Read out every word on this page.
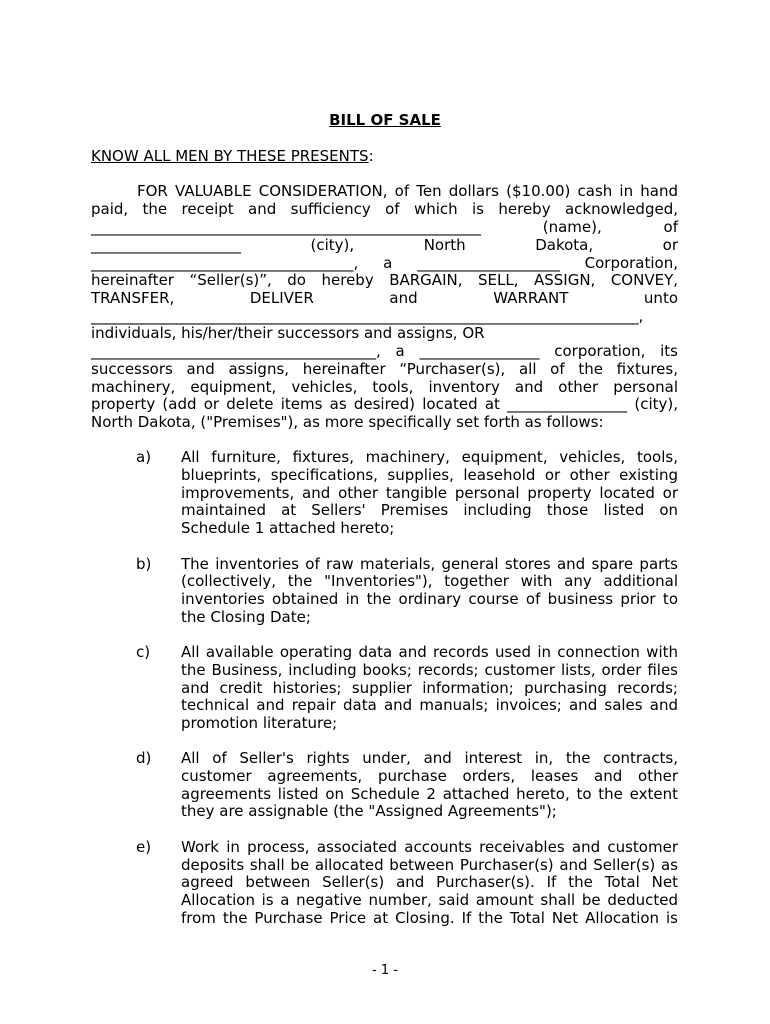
BILL OF SALE
KNOW ALL MEN BY THESE PRESENTS:
FOR VALUABLE CONSIDERATION, of Ten dollars ($10.00) cash in hand
paid, the receipt and sufficiency of which is hereby acknowledged,
____________________________________________________ (name), of
____________________ (city), North Dakota, or
___________________________________, a ___________________ Corporation,
hereinafter “Seller(s)”, do hereby BARGAIN, SELL, ASSIGN, CONVEY,
TRANSFER, DELIVER and WARRANT unto
_________________________________________________________________________,
individuals, his/her/their successors and assigns, OR
______________________________________, a ________________ corporation, its
successors and assigns, hereinafter “Purchaser(s), all of the fixtures,
machinery, equipment, vehicles, tools, inventory and other personal
property (add or delete items as desired) located at ________________ (city),
North Dakota, ("Premises"), as more specifically set forth as follows:
a) All furniture, fixtures, machinery, equipment, vehicles, tools,
blueprints, specifications, supplies, leasehold or other existing
improvements, and other tangible personal property located or
maintained at Sellers' Premises including those listed on
Schedule 1 attached hereto;
b) The inventories of raw materials, general stores and spare parts
(collectively, the "Inventories"), together with any additional
inventories obtained in the ordinary course of business prior to
the Closing Date;
c) All available operating data and records used in connection with
the Business, including books; records; customer lists, order files
and credit histories; supplier information; purchasing records;
technical and repair data and manuals; invoices; and sales and
promotion literature;
d) All of Seller's rights under, and interest in, the contracts,
customer agreements, purchase orders, leases and other
agreements listed on Schedule 2 attached hereto, to the extent
they are assignable (the "Assigned Agreements");
e) Work in process, associated accounts receivables and customer
deposits shall be allocated between Purchaser(s) and Seller(s) as
agreed between Seller(s) and Purchaser(s). If the Total Net
Allocation is a negative number, said amount shall be deducted
from the Purchase Price at Closing. If the Total Net Allocation is
- 1 -
